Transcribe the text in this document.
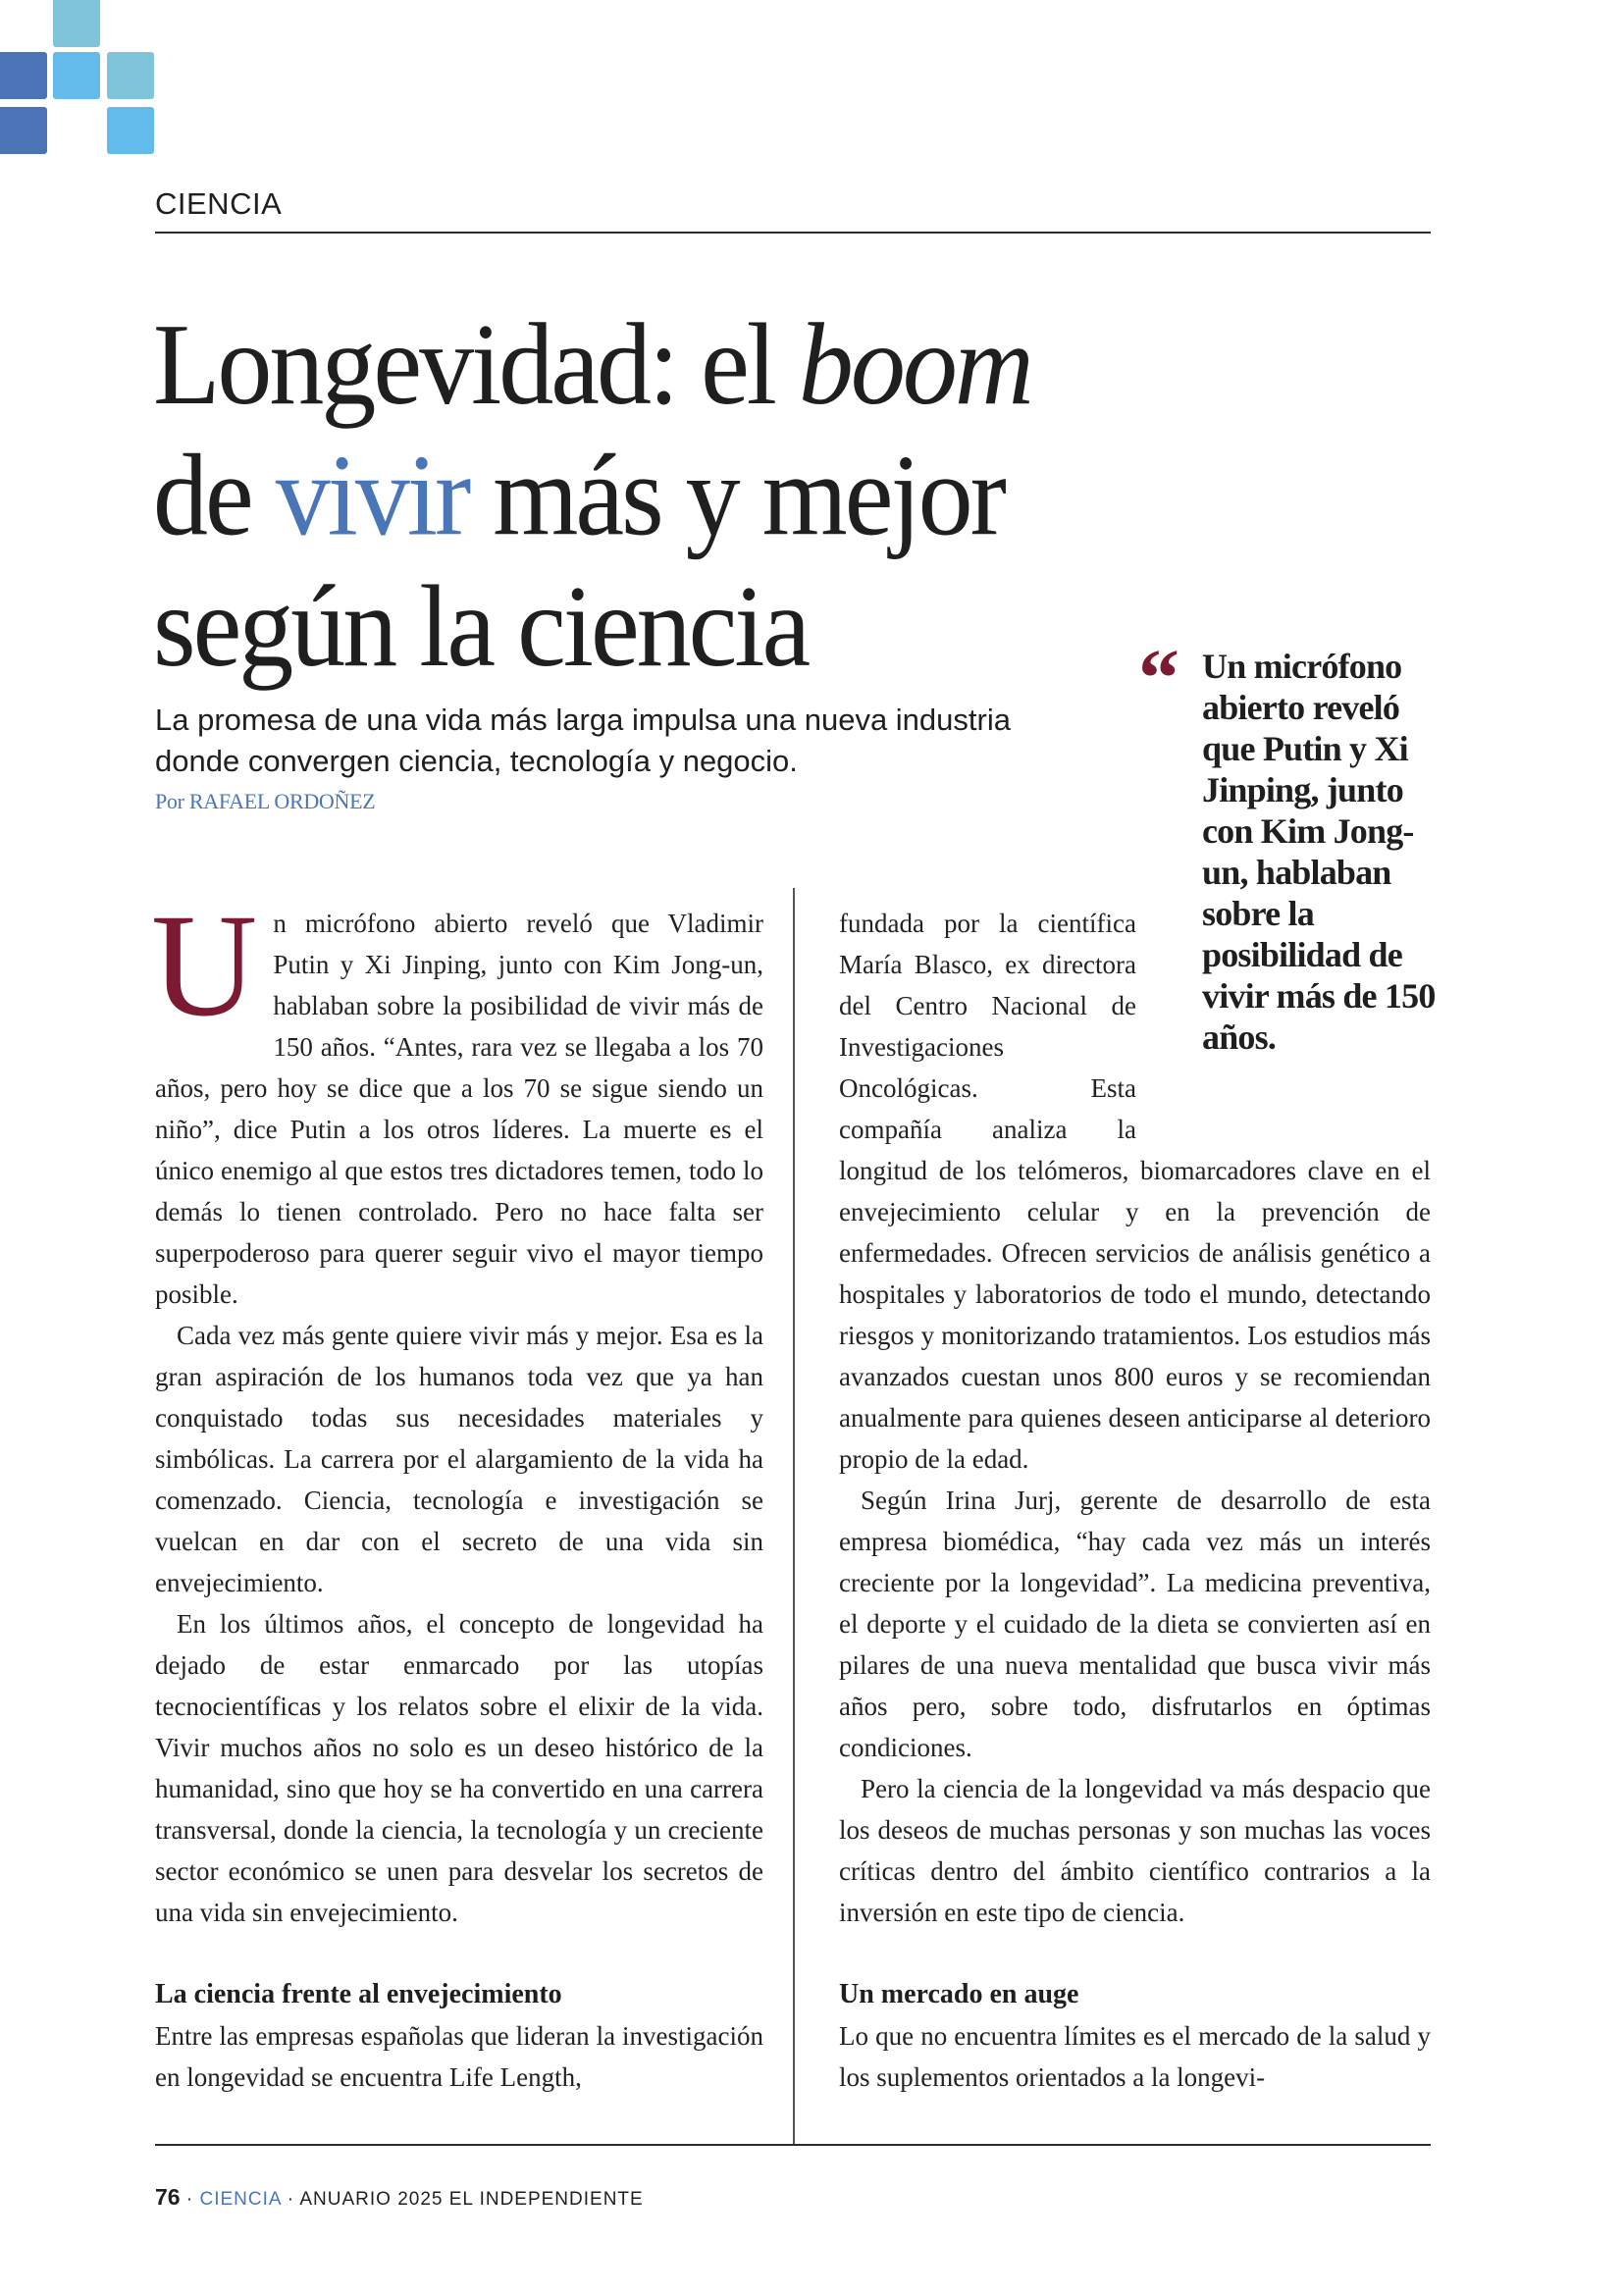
CIENCIA
Longevidad: el boom
de vivir más y mejor
según la ciencia
La promesa de una vida más larga impulsa una nueva industria donde convergen ciencia, tecnología y negocio.
Por RAFAEL ORDOÑEZ
“ Un micrófono abierto reveló que Putin y Xi Jinping, junto con Kim Jong-un, hablaban sobre la posibilidad de vivir más de 150 años.

Un micrófono abierto reveló que Vladimir Putin y Xi Jinping, junto con Kim Jong-un, hablaban sobre la posibilidad de vivir más de 150 años. “Antes, rara vez se llegaba a los 70 años, pero hoy se dice que a los 70 se sigue siendo un niño”, dice Putin a los otros líderes. La muerte es el único enemigo al que estos tres dictadores temen, todo lo demás lo tienen controlado. Pero no hace falta ser superpoderoso para querer seguir vivo el mayor tiempo posible.

Cada vez más gente quiere vivir más y mejor. Esa es la gran aspiración de los humanos toda vez que ya han conquistado todas sus necesidades materiales y simbólicas. La carrera por el alargamiento de la vida ha comenzado. Ciencia, tecnología e investigación se vuelcan en dar con el secreto de una vida sin envejecimiento.

En los últimos años, el concepto de longevidad ha dejado de estar enmarcado por las utopías tecnocientíficas y los relatos sobre el elixir de la vida. Vivir muchos años no solo es un deseo histórico de la humanidad, sino que hoy se ha convertido en una carrera transversal, donde la ciencia, la tecnología y un creciente sector económico se unen para desvelar los secretos de una vida sin envejecimiento.

La ciencia frente al envejecimiento

Entre las empresas españolas que lideran la investigación en longevidad se encuentra Life Length,

fundada por la científica María Blasco, ex directora del Centro Nacional de Investigaciones Oncológicas. Esta compañía analiza la longitud de los telómeros, biomarcadores clave en el envejecimiento celular y en la prevención de enfermedades. Ofrecen servicios de análisis genético a hospitales y laboratorios de todo el mundo, detectando riesgos y monitorizando tratamientos. Los estudios más avanzados cuestan unos 800 euros y se recomiendan anualmente para quienes deseen anticiparse al deterioro propio de la edad.

Según Irina Jurj, gerente de desarrollo de esta empresa biomédica, “hay cada vez más un interés creciente por la longevidad”. La medicina preventiva, el deporte y el cuidado de la dieta se convierten así en pilares de una nueva mentalidad que busca vivir más años pero, sobre todo, disfrutarlos en óptimas condiciones.

Pero la ciencia de la longevidad va más despacio que los deseos de muchas personas y son muchas las voces críticas dentro del ámbito científico contrarios a la inversión en este tipo de ciencia.

Un mercado en auge

Lo que no encuentra límites es el mercado de la salud y los suplementos orientados a la longevi-

76 · CIENCIA · ANUARIO 2025 EL INDEPENDIENTE
